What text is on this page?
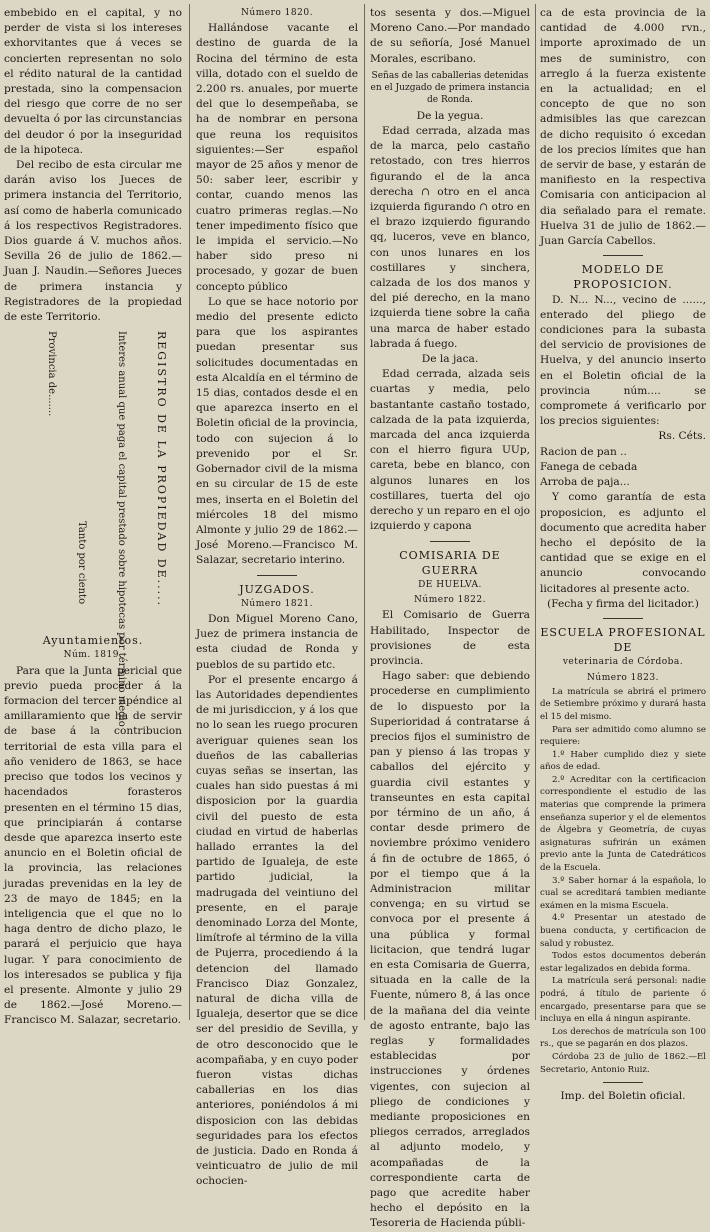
embebido en el capital, y no perder de vista si los intereses exhorvitantes que á veces se concierten representan no solo el rédito natural de la cantidad prestada, sino la compensacion del riesgo que corre de no ser devuelta ó por las circunstancias del deudor ó por la inseguridad de la hipoteca.

Del recibo de esta circular me darán aviso los Jueces de primera instancia del Territorio, así como de haberla comunicado á los respectivos Registradores. Dios guarde á V. muchos años. Sevilla 26 de julio de 1862.—Juan J. Naudin.—Señores Jueces de primera instancia y Registradores de la propiedad de este Territorio.

REGISTRO DE LA PROPIEDAD DE.....
Interes anual que paga el capital prestado sobre hipotecas por término medio
Tanto por ciento
Provincia de.......
Ayuntamientos.
Núm. 1819.

Para que la Junta pericial que previo pueda proceder á la formacion del tercer apéndice al amillaramiento que ha de servir de base á la contribucion territorial de esta villa para el año venidero de 1863, se hace preciso que todos los vecinos y hacendados forasteros presenten en el término 15 dias, que principiarán á contarse desde que aparezca inserto este anuncio en el Boletin oficial de la provincia, las relaciones juradas prevenidas en la ley de 23 de mayo de 1845; en la inteligencia que el que no lo haga dentro de dicho plazo, le parará el perjuicio que haya lugar. Y para conocimiento de los interesados se publica y fija el presente. Almonte y julio 29 de 1862.—José Moreno.—Francisco M. Salazar, secretario.

Número 1820.

Hallándose vacante el destino de guarda de la Rocina del término de esta villa, dotado con el sueldo de 2.200 rs. anuales, por muerte del que lo desempeñaba, se ha de nombrar en persona que reuna los requisitos siguientes:—Ser español mayor de 25 años y menor de 50: saber leer, escribir y contar, cuando menos las cuatro primeras reglas.—No tener impedimento físico que le impida el servicio.—No haber sido preso ni procesado, y gozar de buen concepto público

Lo que se hace notorio por medio del presente edicto para que los aspirantes puedan presentar sus solicitudes documentadas en esta Alcaldía en el término de 15 dias, contados desde el en que aparezca inserto en el Boletin oficial de la provincia, todo con sujecion á lo prevenido por el Sr. Gobernador civil de la misma en su circular de 15 de este mes, inserta en el Boletin del miércoles 18 del mismo Almonte y julio 29 de 1862.—José Moreno.—Francisco M. Salazar, secretario interino.

JUZGADOS.
Número 1821.

Don Miguel Moreno Cano, Juez de primera instancia de esta ciudad de Ronda y pueblos de su partido etc.

Por el presente encargo á las Autoridades dependientes de mi jurisdiccion, y á los que no lo sean les ruego procuren averiguar quienes sean los dueños de las caballerias cuyas señas se insertan, las cuales han sido puestas á mi disposicion por la guardia civil del puesto de esta ciudad en virtud de haberlas hallado errantes la del partido de Igualeja, de este partido judicial, la madrugada del veintiuno del presente, en el paraje denominado Lorza del Monte, limítrofe al término de la villa de Pujerra, procediendo á la detencion del llamado Francisco Diaz Gonzalez, natural de dicha villa de Igualeja, desertor que se dice ser del presidio de Sevilla, y de otro desconocido que le acompañaba, y en cuyo poder fueron vistas dichas caballerias en los dias anteriores, poniéndolos á mi disposicion con las debidas seguridades para los efectos de justicia. Dado en Ronda á veinticuatro de julio de mil ochocien-

tos sesenta y dos.—Miguel Moreno Cano.—Por mandado de su señoría, José Manuel Morales, escribano.

Señas de las caballerias detenidas en el Juzgado de primera instancia de Ronda.
De la yegua.

Edad cerrada, alzada mas de la marca, pelo castaño retostado, con tres hierros figurando el de la anca derecha ∩ otro en el anca izquierda figurando ∩ otro en el brazo izquierdo figurando qq, luceros, veve en blanco, con unos lunares en los costillares y sinchera, calzada de los dos manos y del pié derecho, en la mano izquierda tiene sobre la caña una marca de haber estado labrada á fuego.

De la jaca.

Edad cerrada, alzada seis cuartas y media, pelo bastantante castaño tostado, calzada de la pata izquierda, marcada del anca izquierda con el hierro figura UUp, careta, bebe en blanco, con algunos lunares en los costillares, tuerta del ojo derecho y un reparo en el ojo izquierdo y capona

COMISARIA DE GUERRA
DE HUELVA.
Número 1822.

El Comisario de Guerra Habilitado, Inspector de provisiones de esta provincia.

Hago saber: que debiendo procederse en cumplimiento de lo dispuesto por la Superioridad á contratarse á precios fijos el suministro de pan y pienso á las tropas y caballos del ejército y guardia civil estantes y transeuntes en esta capital por término de un año, á contar desde primero de noviembre próximo venidero á fin de octubre de 1865, ó por el tiempo que á la Administracion militar convenga; en su virtud se convoca por el presente á una pública y formal licitacion, que tendrá lugar en esta Comisaria de Guerra, situada en la calle de la Fuente, número 8, á las once de la mañana del dia veinte de agosto entrante, bajo las reglas y formalidades establecidas por instrucciones y órdenes vigentes, con sujecion al pliego de condiciones y mediante proposiciones en pliegos cerrados, arreglados al adjunto modelo, y acompañadas de la correspondiente carta de pago que acredite haber hecho el depósito en la Tesoreria de Hacienda públi-

ca de esta provincia de la cantidad de 4.000 rvn., importe aproximado de un mes de suministro, con arreglo á la fuerza existente en la actualidad; en el concepto de que no son admisibles las que carezcan de dicho requisito ó excedan de los precios límites que han de servir de base, y estarán de manifiesto en la respectiva Comisaria con anticipacion al dia señalado para el remate. Huelva 31 de julio de 1862.—Juan García Cabellos.

MODELO DE PROPOSICION.

D. N... N..., vecino de ......, enterado del pliego de condiciones para la subasta del servicio de provisiones de Huelva, y del anuncio inserto en el Boletin oficial de la provincia núm.... se compromete á verificarlo por los precios siguientes:

Rs. Céts.
Racion de pan ..
Fanega de cebada
Arroba de paja...

Y como garantía de esta proposicion, es adjunto el documento que acredita haber hecho el depósito de la cantidad que se exige en el anuncio convocando licitadores al presente acto.

(Fecha y firma del licitador.)
ESCUELA PROFESIONAL DE
veterinaria de Córdoba.
Número 1823.

La matrícula se abrirá el primero de Setiembre próximo y durará hasta el 15 del mismo.

Para ser admitido como alumno se requiere:

1.º Haber cumplido diez y siete años de edad.

2.º Acreditar con la certificacion correspondiente el estudio de las materias que comprende la primera enseñanza superior y el de elementos de Álgebra y Geometría, de cuyas asignaturas sufrirán un exámen previo ante la Junta de Catedráticos de la Escuela.

3.º Saber hornar á la española, lo cual se acreditará tambien mediante exámen en la misma Escuela.

4.º Presentar un atestado de buena conducta, y certificacion de salud y robustez.

Todos estos documentos deberán estar legalizados en debida forma.

La matrícula será personal: nadie podrá, á título de pariente ó encargado, presentarse para que se incluya en ella á ningun aspirante.

Los derechos de matrícula son 100 rs., que se pagarán en dos plazos.

Córdoba 23 de julio de 1862.—El Secretario, Antonio Ruiz.

Imp. del Boletin oficial.
